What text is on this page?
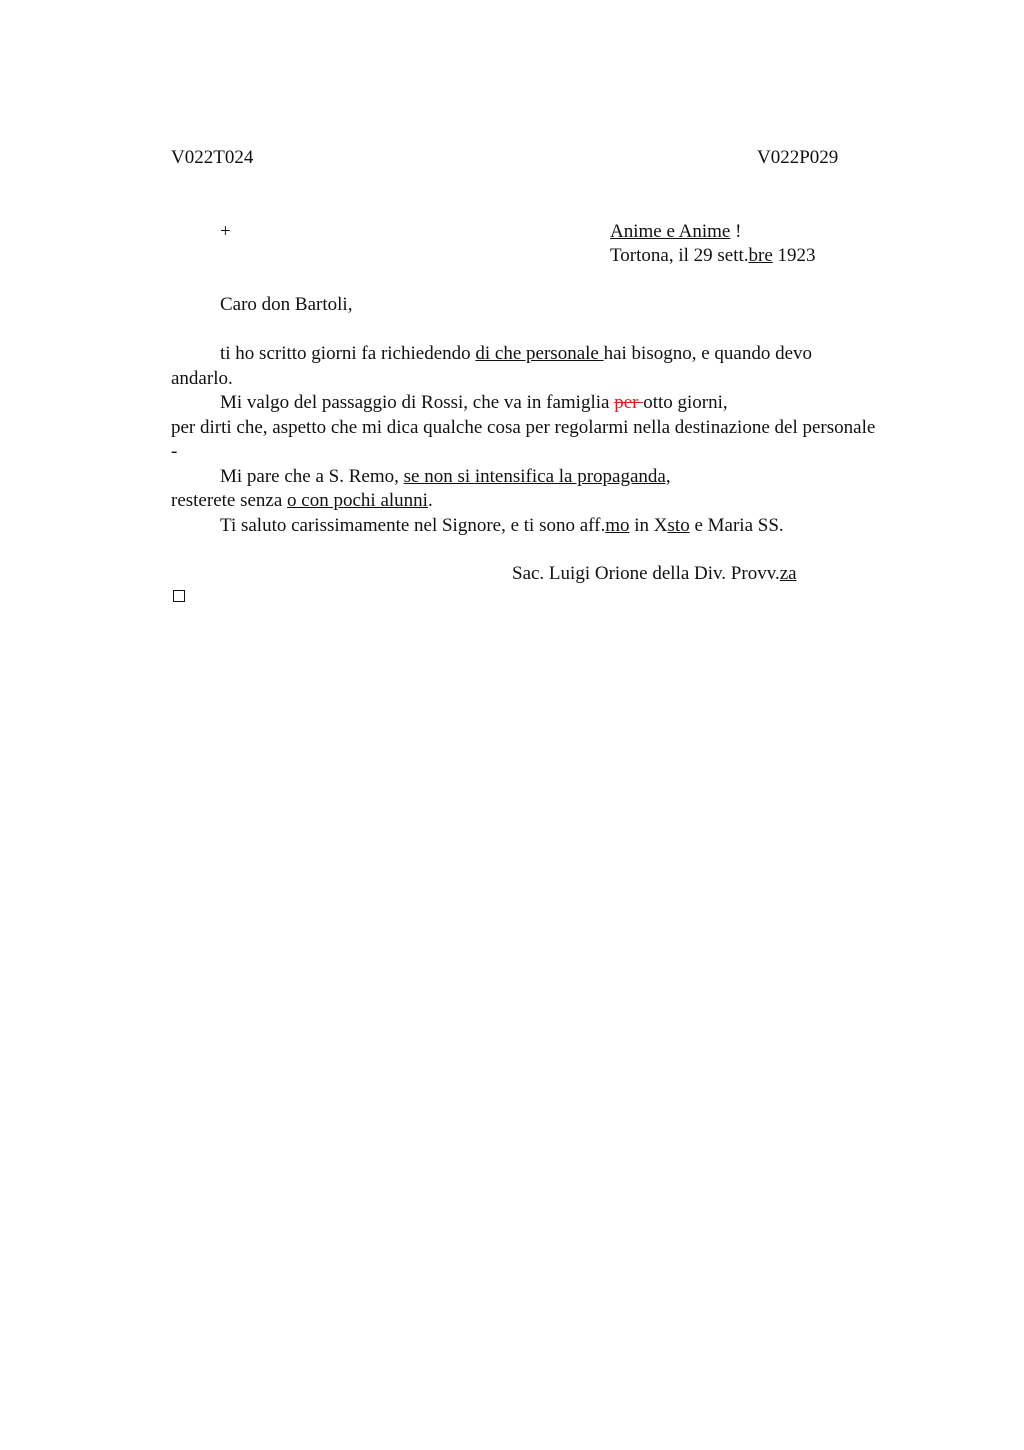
V022T024	V022P029
+	Anime e Anime !
Tortona, il 29 sett.bre 1923
Caro don Bartoli,

ti ho scritto giorni fa richiedendo di che personale hai bisogno, e quando devo

andarlo.

Mi valgo del passaggio di Rossi, che va in famiglia per otto giorni,

per dirti che, aspetto che mi dica qualche cosa per regolarmi nella destinazione del personale

-

Mi pare che a S. Remo, se non si intensifica la propaganda,

resterete senza o con pochi alunni.

Ti saluto carissimamente nel Signore, e ti sono aff.mo in Xsto e Maria SS.

Sac. Luigi Orione della Div. Provv.za
